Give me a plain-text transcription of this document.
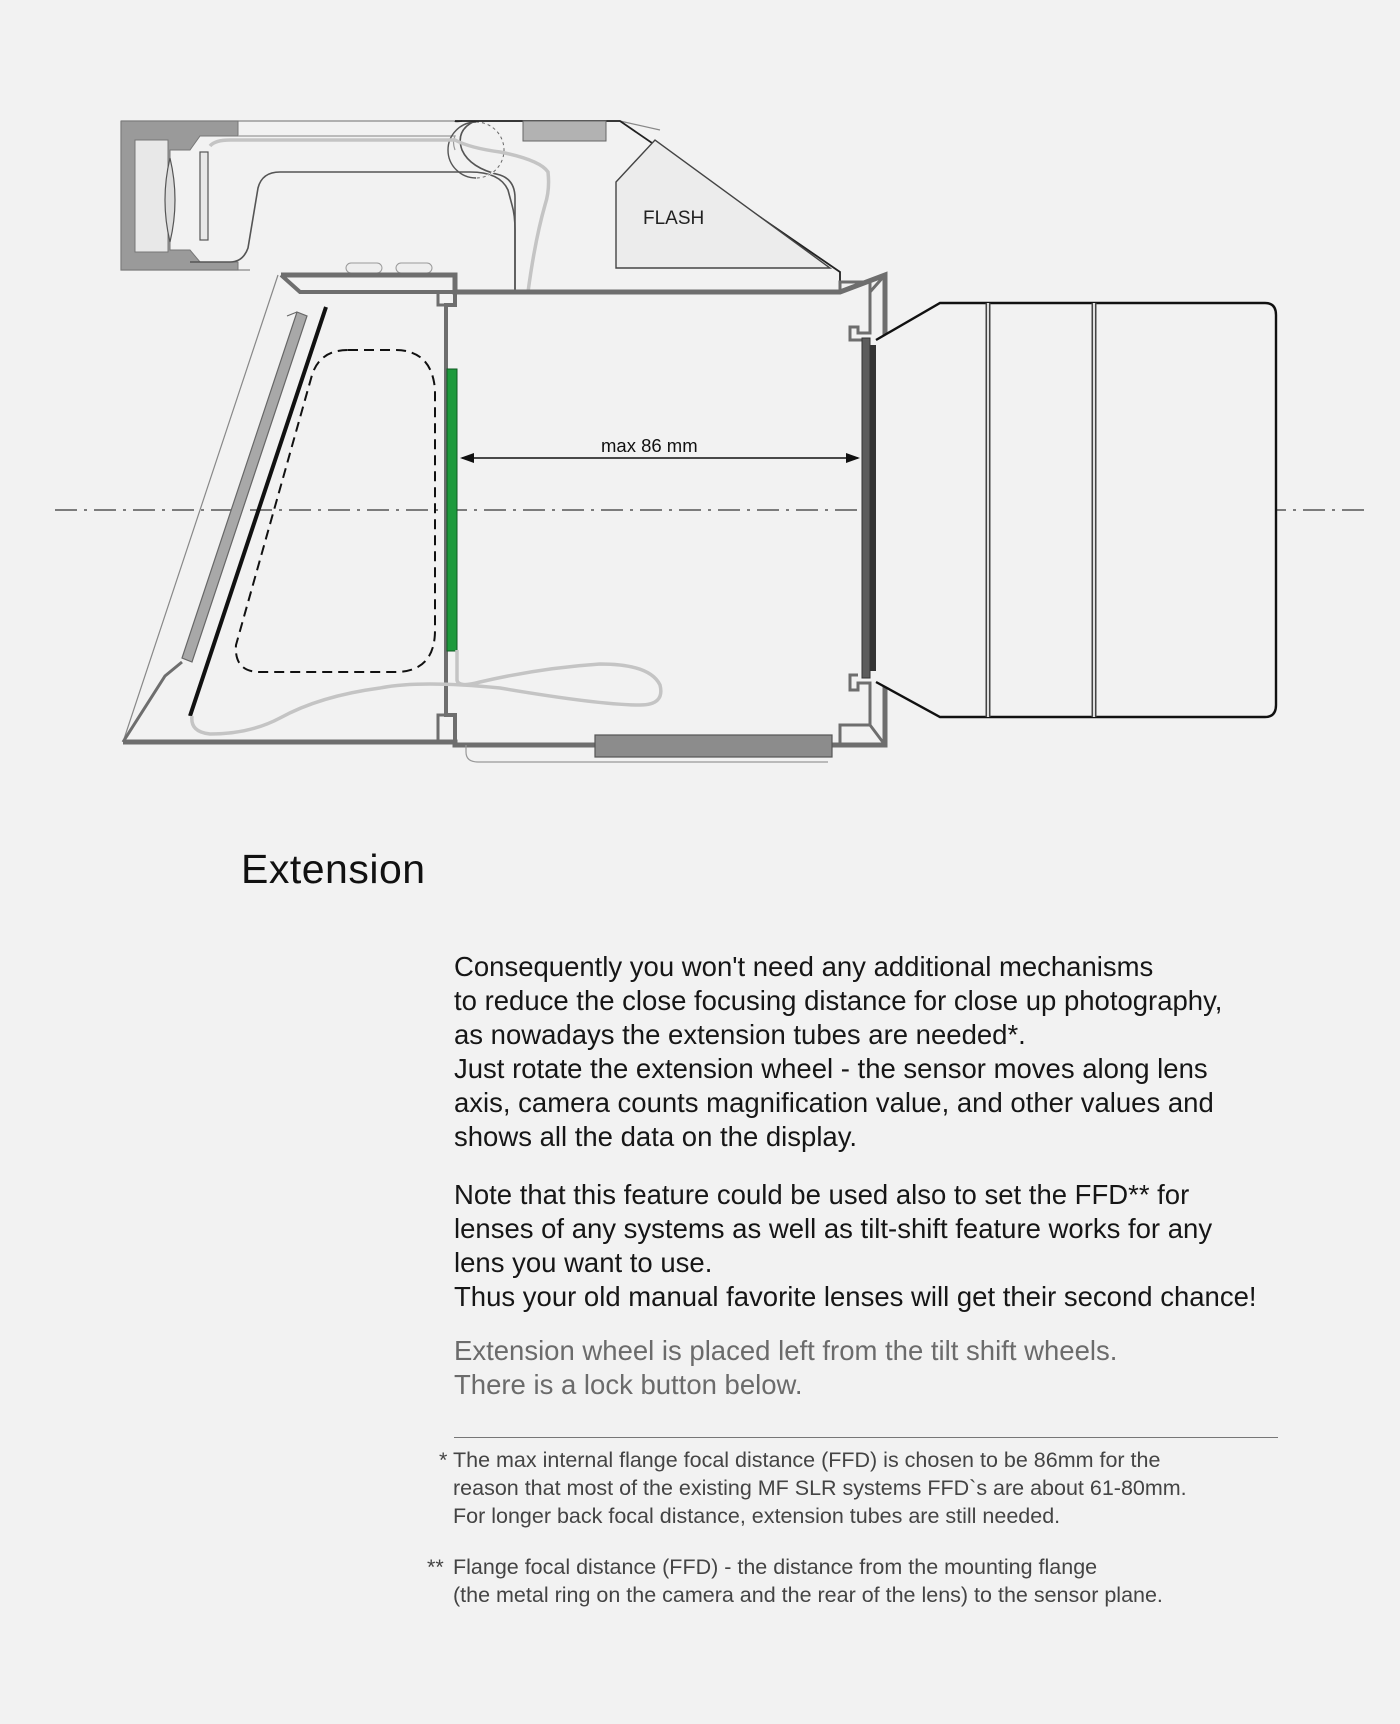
FLASH
max 86 mm
Extension
Consequently you won't need any additional mechanisms
to reduce the close focusing distance for close up photography,
as nowadays the extension tubes are needed*.
Just rotate the extension wheel - the sensor moves along lens
axis, camera counts magnification value, and other values and
shows all the data on the display.
Note that this feature could be used also to set the FFD** for
lenses of any systems as well as tilt-shift feature works for any
lens you want to use.
Thus your old manual favorite lenses will get their second chance!
Extension wheel is placed left from the tilt shift wheels.
There is a lock button below.
* The max internal flange focal distance (FFD) is chosen to be 86mm for the
reason that most of the existing MF SLR systems FFD`s are about 61-80mm.
For longer back focal distance, extension tubes are still needed.
** Flange focal distance (FFD) - the distance from the mounting flange
(the metal ring on the camera and the rear of the lens) to the sensor plane.
